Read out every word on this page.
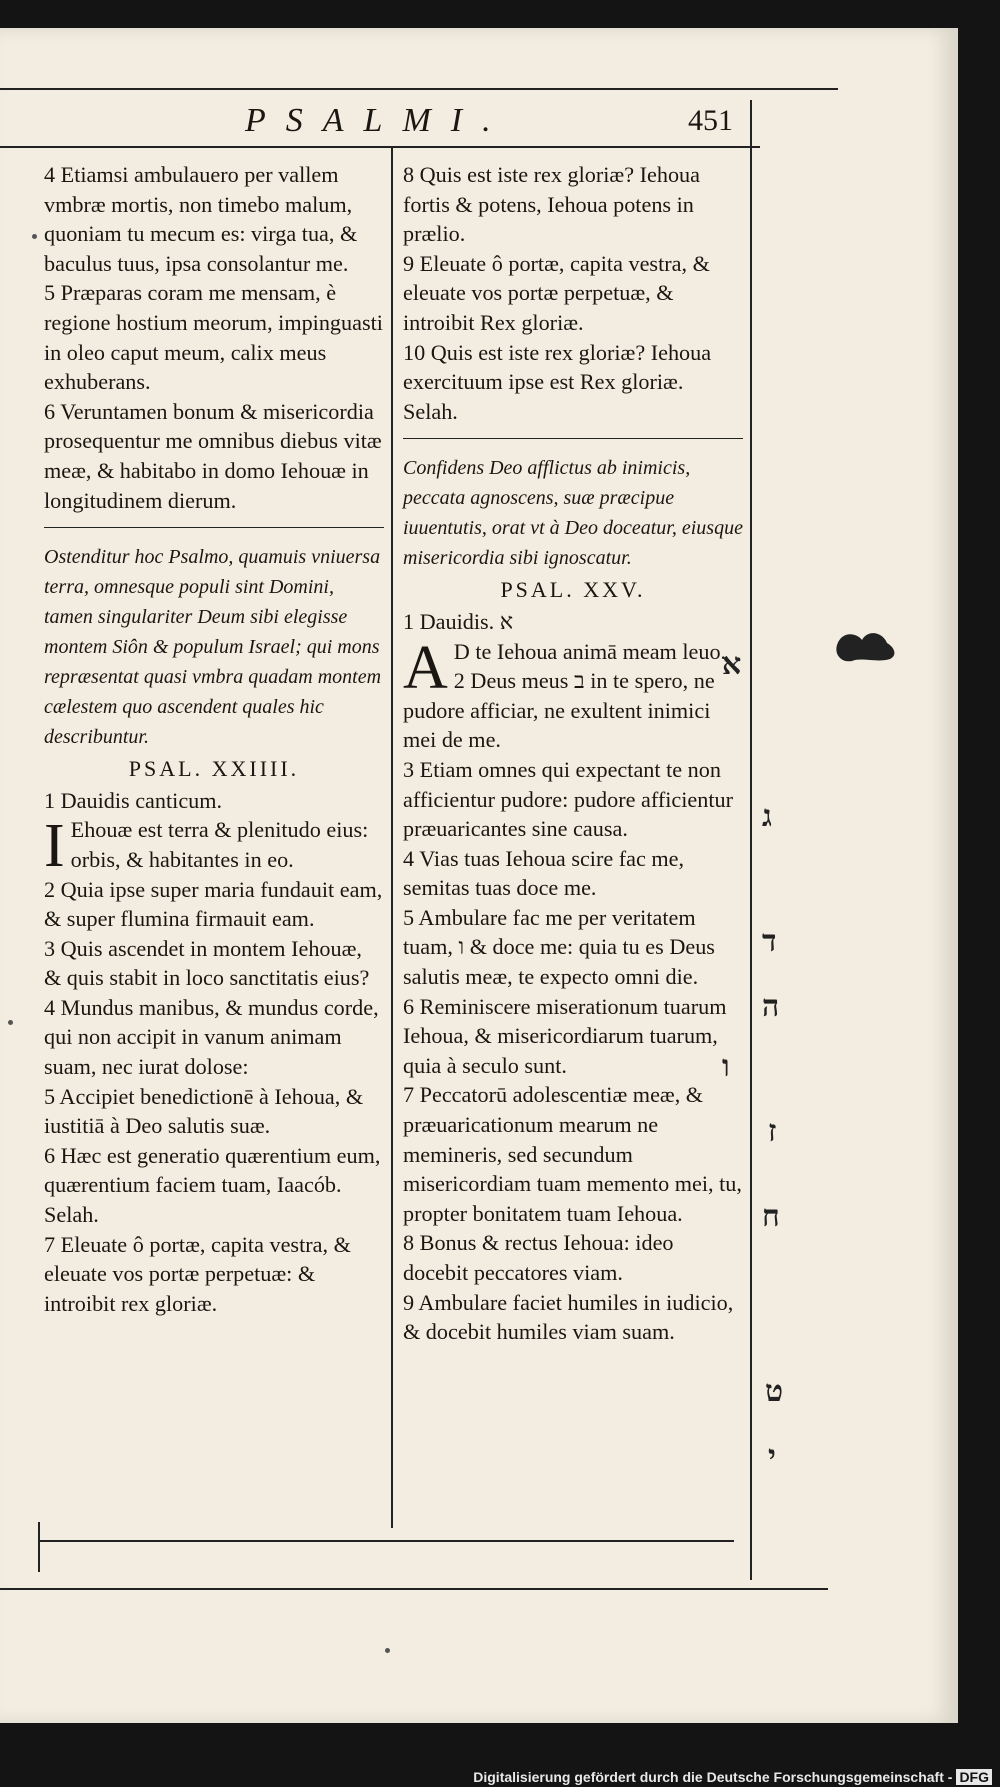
PSALMI.	451

4 Etiamsi ambulauero per vallem vmbræ mortis, non timebo malum, quoniam tu mecum es: virga tua, & baculus tuus, ipsa consolantur me.

5 Præparas coram me mensam, è regione hostium meorum, impinguasti in oleo caput meum, calix meus exhuberans.

6 Veruntamen bonum & misericordia prosequentur me omnibus diebus vitæ meæ, & habitabo in domo Iehouæ in longitudinem dierum.

Ostenditur hoc Psalmo, quamuis vniuersa terra, omnesque populi sint Domini, tamen singulariter Deum sibi elegisse montem Siôn & populum Israel; qui mons repræsentat quasi vmbra quadam montem cælestem quo ascendent quales hic describuntur.

PSAL. XXIIII.

1 Dauidis canticum.

I Ehouæ est terra & plenitudo eius: orbis, & habitantes in eo.

2 Quia ipse super maria fundauit eam, & super flumina firmauit eam.

3 Quis ascendet in montem Iehouæ, & quis stabit in loco sanctitatis eius?

4 Mundus manibus, & mundus corde, qui non accipit in vanum animam suam, nec iurat dolose:

5 Accipiet benedictionē à Iehoua, & iustitiā à Deo salutis suæ.

6 Hæc est generatio quærentium eum, quærentium faciem tuam, Iaacób. Selah.

7 Eleuate ô portæ, capita vestra, & eleuate vos portæ perpetuæ: & introibit rex gloriæ.

8 Quis est iste rex gloriæ? Iehoua fortis & potens, Iehoua potens in prælio.

9 Eleuate ô portæ, capita vestra, & eleuate vos portæ perpetuæ, & introibit Rex gloriæ.

10 Quis est iste rex gloriæ? Iehoua exercituum ipse est Rex gloriæ. Selah.

Confidens Deo afflictus ab inimicis, peccata agnoscens, suæ præcipue iuuentutis, orat vt à Deo doceatur, eiusque misericordia sibi ignoscatur.

PSAL. XXV.

1 Dauidis. א

A D te Iehoua animā meam leuo.

2 Deus meus ב in te spero, ne pudore afficiar, ne exultent inimici mei de me.

3 Etiam omnes qui expectant te non afficientur pudore: pudore afficientur præuaricantes sine causa.

4 Vias tuas Iehoua scire fac me, semitas tuas doce me.

5 Ambulare fac me per veritatem tuam, ו & doce me: quia tu es Deus salutis meæ, te expecto omni die.

6 Reminiscere miserationum tuarum Iehoua, & misericordiarum tuarum, quia à seculo sunt.

7 Peccatorū adolescentiæ meæ, & præuaricationum mearum ne memineris, sed secundum misericordiam tuam memento mei, tu, propter bonitatem tuam Iehoua.

8 Bonus & rectus Iehoua: ideo docebit peccatores viam.

9 Ambulare faciet humiles in iudicio, & docebit humiles viam suam.

א
ג
ד
ה
ו
ז
ח
ט
י
Digitalisierung gefördert durch die Deutsche Forschungsgemeinschaft - DFG
